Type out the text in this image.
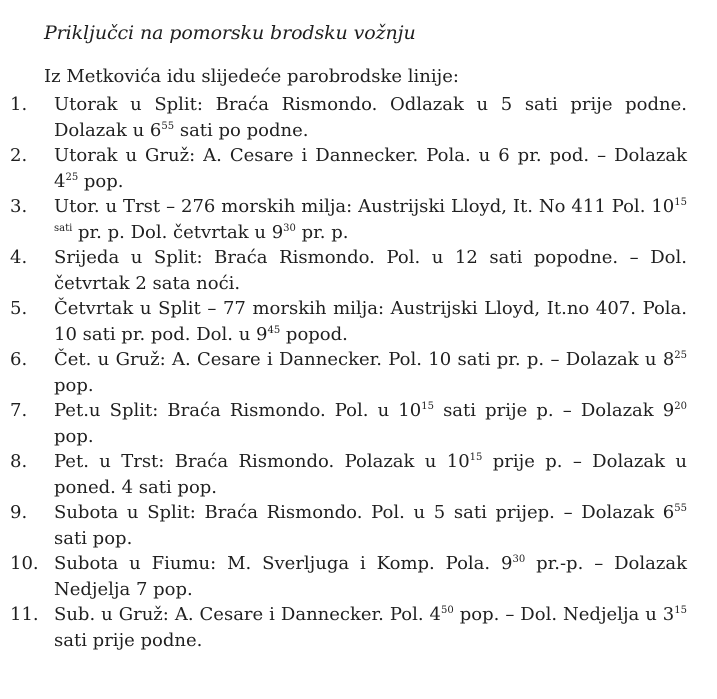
Priključci na pomorsku brodsku vožnju
Iz Metkovića idu slijedeće parobrodske linije:
1.	Utorak u Split: Braća Rismondo. Odlazak u 5 sati prije podne. Dolazak u $6^{55}$ sati po podne.

2.	Utorak u Gruž: A. Cesare i Dannecker. Pola. u 6 pr. pod. – Dolazak $4^{25}$ pop.

3.	Utor. u Trst – 276 morskih milja: Austrijski Lloyd, It. No 411 Pol. $10^{15 sati}$ pr. p. Dol. četvrtak u $9^{30}$ pr. p.

4.	Srijeda u Split: Braća Rismondo. Pol. u 12 sati popodne. – Dol. četvrtak 2 sata noći.

5.	Četvrtak u Split – 77 morskih milja: Austrijski Lloyd, It.no 407. Pola. 10 sati pr. pod. Dol. u $9^{45}$ popod.

6.	Čet. u Gruž: A. Cesare i Dannecker. Pol. 10 sati pr. p. – Dolazak u $8^{25}$ pop.

7.	Pet.u Split: Braća Rismondo. Pol. u $10^{15}$ sati prije p. – Dolazak $9^{20}$ pop.

8.	Pet. u Trst: Braća Rismondo. Polazak u $10^{15}$ prije p. – Dolazak u poned. 4 sati pop.

9.	Subota u Split: Braća Rismondo. Pol. u 5 sati prijep. – Dolazak $6^{55}$ sati pop.

10. Subota u Fiumu: M. Sverljuga i Komp. Pola. $9^{30}$ pr.-p. – Dolazak Nedjelja 7 pop.

11. Sub. u Gruž: A. Cesare i Dannecker. Pol. $4^{50}$ pop. – Dol. Nedjelja u $3^{15}$ sati prije podne.
